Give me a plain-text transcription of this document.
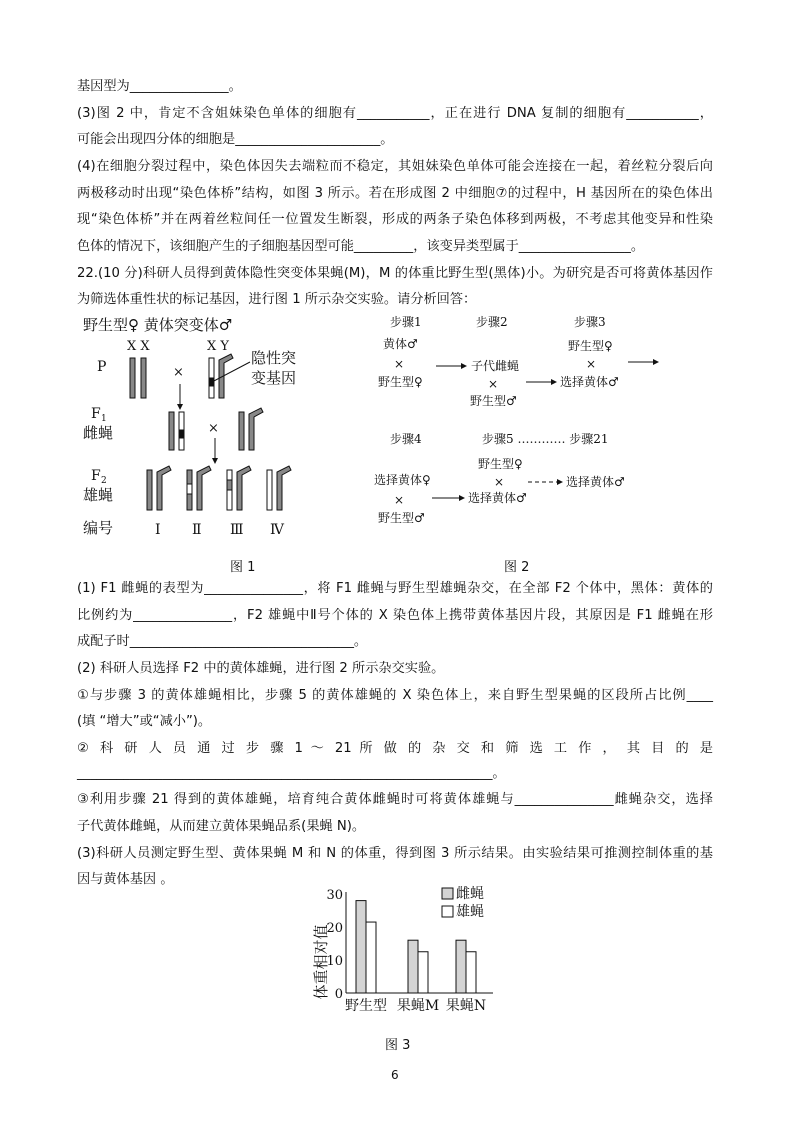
基因型为_______________。
(3)图 2 中，肯定不含姐妹染色单体的细胞有___________，正在进行 DNA 复制的细胞有___________，
可能会出现四分体的细胞是______________________。
(4)在细胞分裂过程中，染色体因失去端粒而不稳定，其姐妹染色单体可能会连接在一起，着丝粒分裂后向
两极移动时出现“染色体桥”结构，如图 3 所示。若在形成图 2 中细胞⑦的过程中，H 基因所在的染色体出
现“染色体桥”并在两着丝粒间任一位置发生断裂，形成的两条子染色体移到两极，不考虑其他变异和性染
色体的情况下，该细胞产生的子细胞基因型可能_________，该变异类型属于_________________。
22.(10 分)科研人员得到黄体隐性突变体果蝇(M)，M 的体重比野生型(黑体)小。为研究是否可将黄体基因作
为筛选体重性状的标记基因，进行图 1 所示杂交实验。请分析回答：
野生型♀ 黄体突变体♂
X X	X Y
P	×
隐性突
变基因
F 1
雌蝇	×
F 2
雄蝇
编号	Ⅰ Ⅱ Ⅲ Ⅳ
图 1
步骤1	步骤2	步骤3
黄体♂
×
野生型♀
子代雌蝇
×
野生型♂
野生型♀
×
选择黄体♂
步骤4	步骤5 ………… 步骤21
野生型♀
选择黄体♀
×
×
野生型♂
选择黄体♂
选择黄体♂
图 2
(1) F1 雌蝇的表型为_______________，将 F1 雌蝇与野生型雄蝇杂交，在全部 F2 个体中，黑体：黄体的
比例约为_______________，F2 雄蝇中Ⅱ号个体的 X 染色体上携带黄体基因片段，其原因是 F1 雌蝇在形
成配子时__________________________________。
(2) 科研人员选择 F2 中的黄体雄蝇，进行图 2 所示杂交实验。
①与步骤 3 的黄体雄蝇相比，步骤 5 的黄体雄蝇的 X 染色体上，来自野生型果蝇的区段所占比例____
(填 “增大”或“减小”)。
② 科 研 人 员 通 过 步 骤 1 ～ 21 所 做 的 杂 交 和 筛 选 工 作 ， 其 目 的 是
_______________________________________________________________。
③利用步骤 21 得到的黄体雄蝇，培育纯合黄体雌蝇时可将黄体雄蝇与_______________雌蝇杂交，选择
子代黄体雌蝇，从而建立黄体果蝇品系(果蝇 N)。
(3)科研人员测定野生型、黄体果蝇 M 和 N 的体重，得到图 3 所示结果。由实验结果可推测控制体重的基
因与黄体基因 。
体重相对值 0
10
20
30
野生型 果蝇M 果蝇N
雌蝇
雄蝇
图 3
6
